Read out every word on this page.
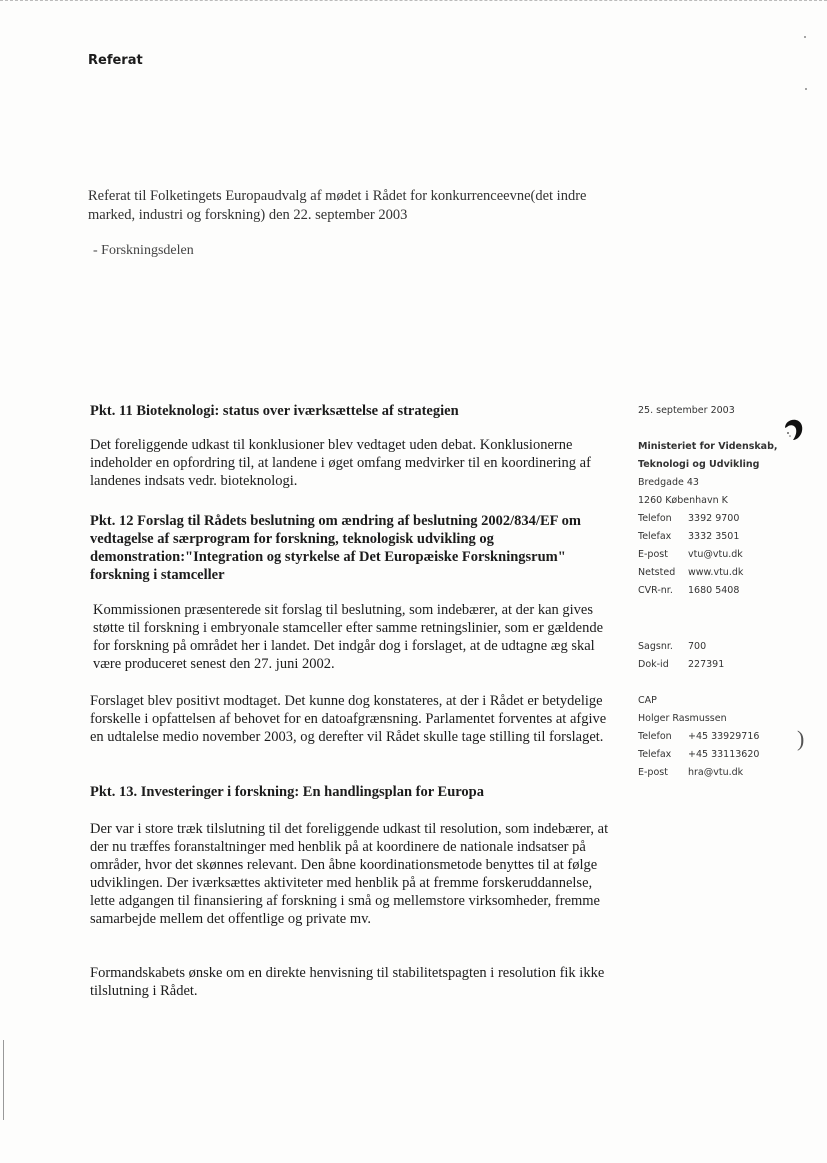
Referat
Referat til Folketingets Europaudvalg af mødet i Rådet for konkurrenceevne(det indre marked, industri og forskning) den 22. september 2003
- Forskningsdelen
Pkt. 11 Bioteknologi: status over iværksættelse af strategien

Det foreliggende udkast til konklusioner blev vedtaget uden debat. Konklusionerne indeholder en opfordring til, at landene i øget omfang medvirker til en koordinering af landenes indsats vedr. bioteknologi.

Pkt. 12 Forslag til Rådets beslutning om ændring af beslutning 2002/834/EF om vedtagelse af særprogram for forskning, teknologisk udvikling og demonstration:"Integration og styrkelse af Det Europæiske Forskningsrum" forskning i stamceller

Kommissionen præsenterede sit forslag til beslutning, som indebærer, at der kan gives støtte til forskning i embryonale stamceller efter samme retningslinier, som er gældende for forskning på området her i landet. Det indgår dog i forslaget, at de udtagne æg skal være produceret senest den 27. juni 2002.

Forslaget blev positivt modtaget. Det kunne dog konstateres, at der i Rådet er betydelige forskelle i opfattelsen af behovet for en datoafgrænsning. Parlamentet forventes at afgive en udtalelse medio november 2003, og derefter vil Rådet skulle tage stilling til forslaget.

Pkt. 13. Investeringer i forskning: En handlingsplan for Europa

Der var i store træk tilslutning til det foreliggende udkast til resolution, som indebærer, at der nu træffes foranstaltninger med henblik på at koordinere de nationale indsatser på områder, hvor det skønnes relevant. Den åbne koordinationsmetode benyttes til at følge udviklingen. Der iværksættes aktiviteter med henblik på at fremme forskeruddannelse, lette adgangen til finansiering af forskning i små og mellemstore virksomheder, fremme samarbejde mellem det offentlige og private mv.

Formandskabets ønske om en direkte henvisning til stabilitetspagten i resolution fik ikke tilslutning i Rådet.

25. september 2003
Ministeriet for Videnskab,
Teknologi og Udvikling
Bredgade 43
1260 København K
Telefon	3392 9700
Telefax	3332 3501
E-post	vtu@vtu.dk
Netsted	www.vtu.dk
CVR-nr.	1680 5408
Sagsnr.	700
Dok-id	227391
CAP
Holger Rasmussen
Telefon	+45 33929716
Telefax	+45 33113620
E-post	hra@vtu.dk
)
